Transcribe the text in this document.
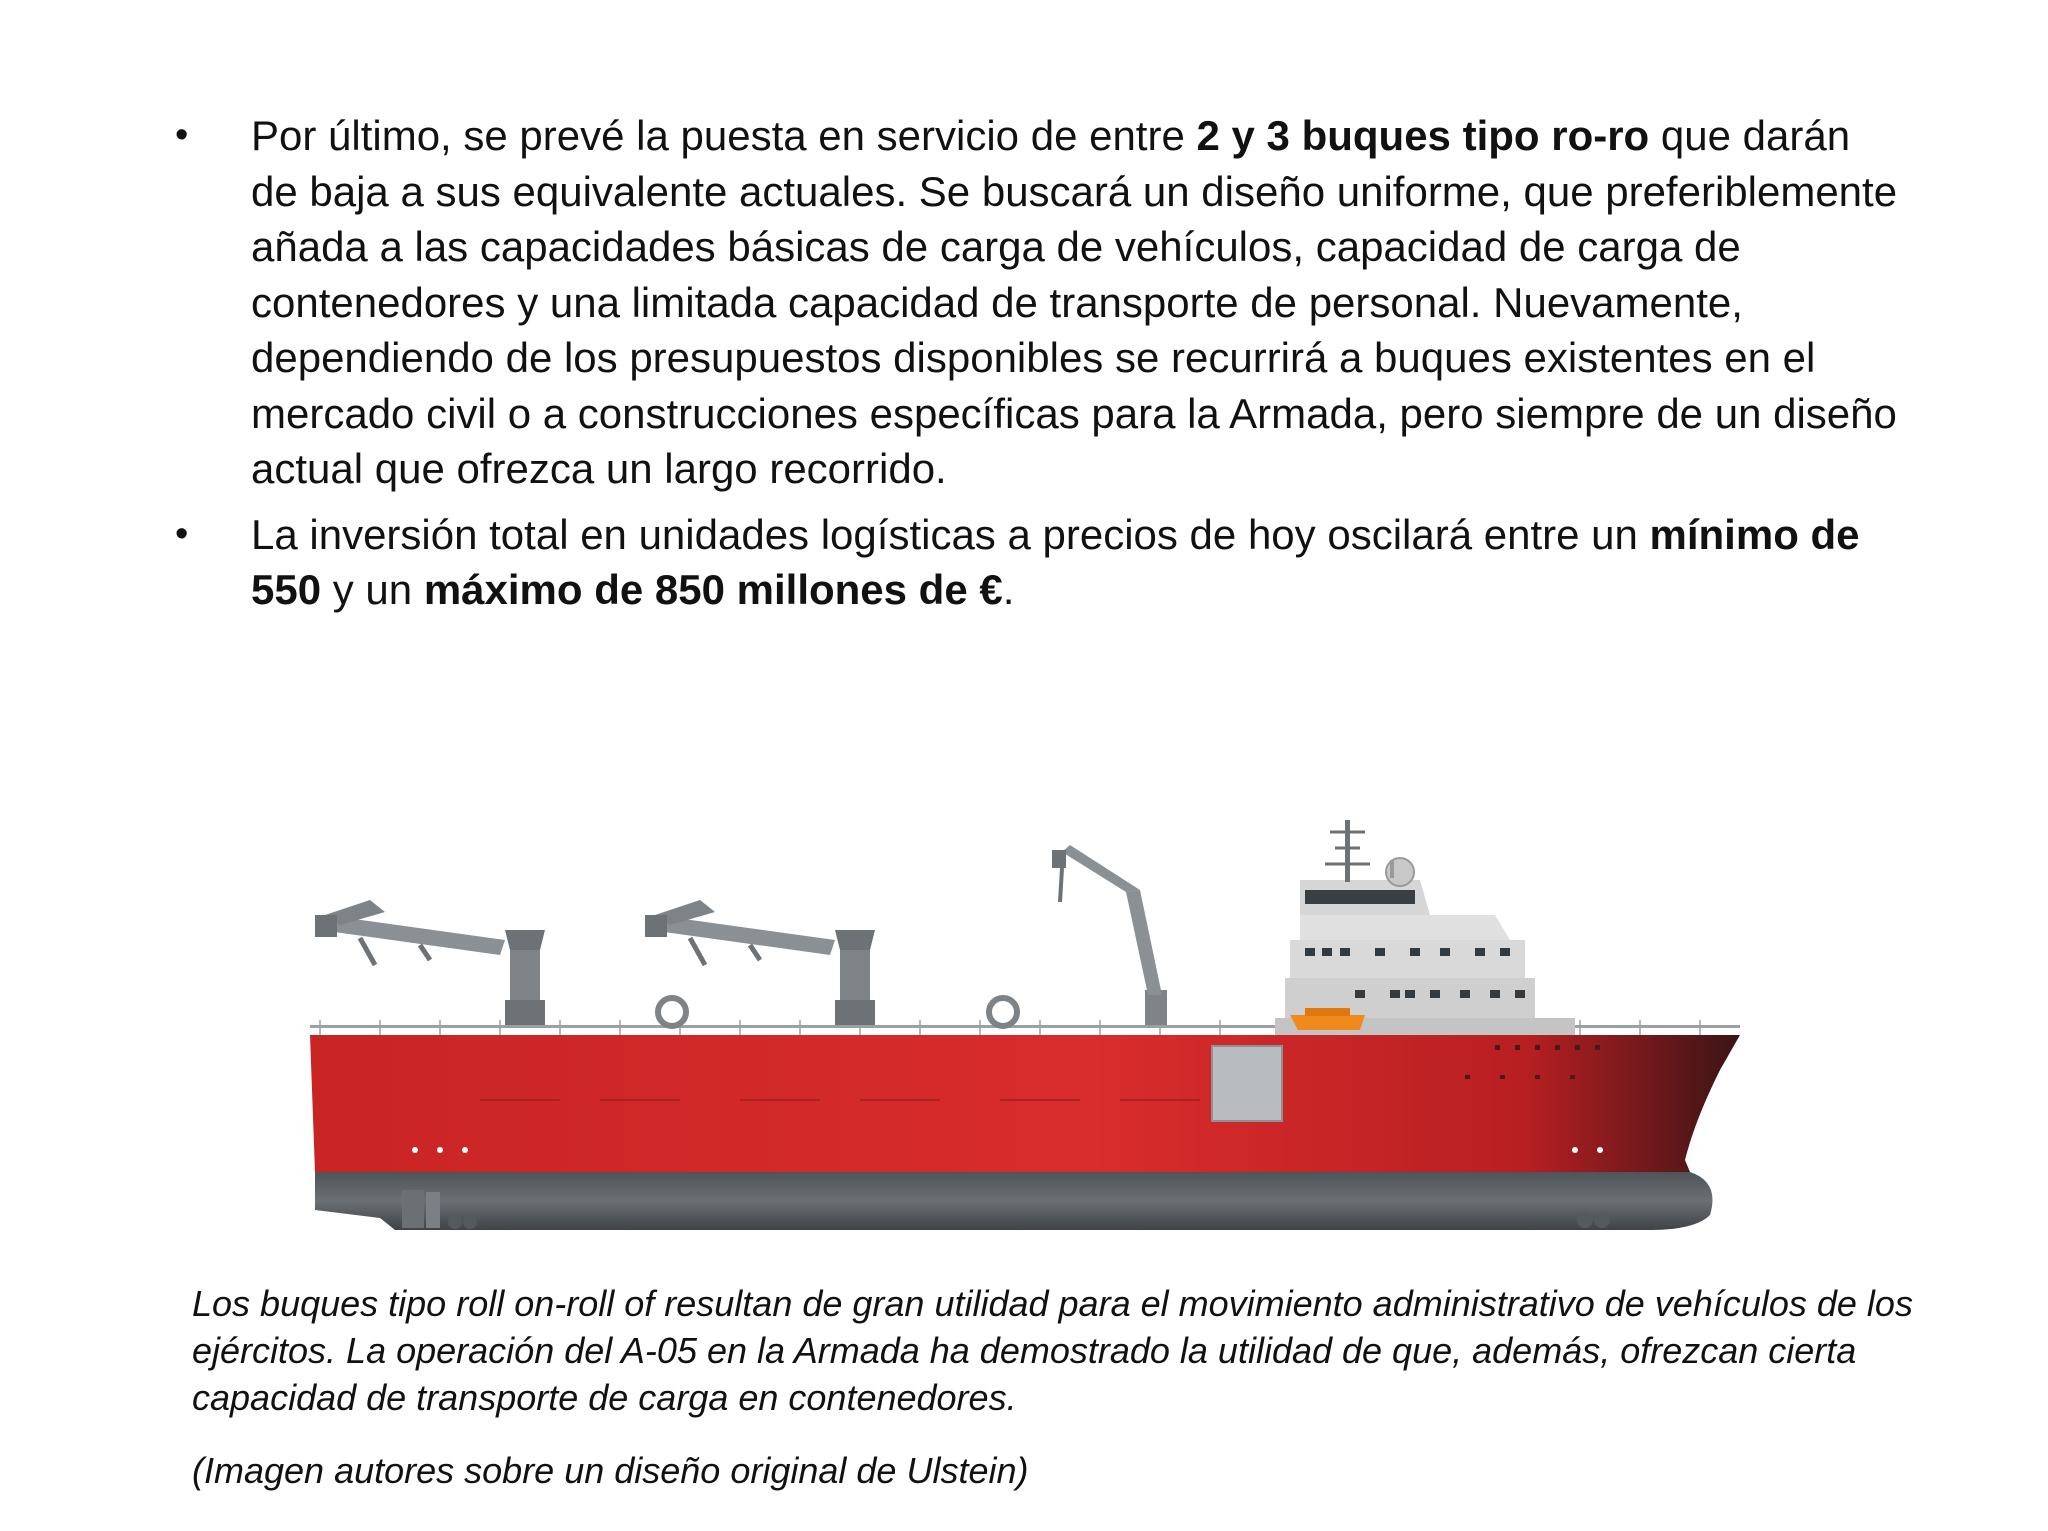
• Por último, se prevé la puesta en servicio de entre 2 y 3 buques tipo ro-ro que darán de baja a sus equivalente actuales. Se buscará un diseño uniforme, que preferiblemente añada a las capacidades básicas de carga de vehículos, capacidad de carga de contenedores y una limitada capacidad de transporte de personal. Nuevamente, dependiendo de los presupuestos disponibles se recurrirá a buques existentes en el mercado civil o a construcciones específicas para la Armada, pero siempre de un diseño actual que ofrezca un largo recorrido.
• La inversión total en unidades logísticas a precios de hoy oscilará entre un mínimo de 550 y un máximo de 850 millones de €.

Los buques tipo roll on-roll of resultan de gran utilidad para el movimiento administrativo de vehículos de los ejércitos. La operación del A-05 en la Armada ha demostrado la utilidad de que, además, ofrezcan cierta capacidad de transporte de carga en contenedores.

(Imagen autores sobre un diseño original de Ulstein)
